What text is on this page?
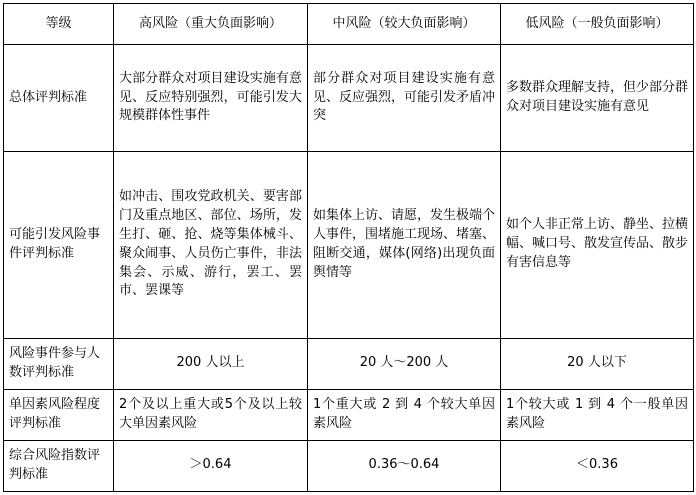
等级	高风险（重大负面影响）	中风险（较大负面影响）	低风险（一般负面影响）
总体评判标准	大部分群众对项目建设实施有意见、反应特别强烈，可能引发大规模群体性事件	部分群众对项目建设实施有意见、反应强烈，可能引发矛盾冲突	多数群众理解支持，但少部分群众对项目建设实施有意见
可能引发风险事件评判标准	如冲击、围攻党政机关、要害部门及重点地区、部位、场所，发生打、砸、抢、烧等集体械斗、聚众闹事、人员伤亡事件，非法集会、示威、游行，罢工、罢市、罢课等	如集体上访、请愿，发生极端个人事件，围堵施工现场、堵塞、阻断交通，媒体(网络)出现负面舆情等	如个人非正常上访、静坐、拉横幅、喊口号、散发宣传品、散步有害信息等
风险事件参与人数评判标准	200 人以上	20 人～200 人	20 人以下
单因素风险程度评判标准	2个及以上重大或5个及以上较大单因素风险	1个重大或 2 到 4 个较大单因素风险	1个较大或 1 到 4 个一般单因素风险
综合风险指数评判标准	＞0.64	0.36～0.64	＜0.36
